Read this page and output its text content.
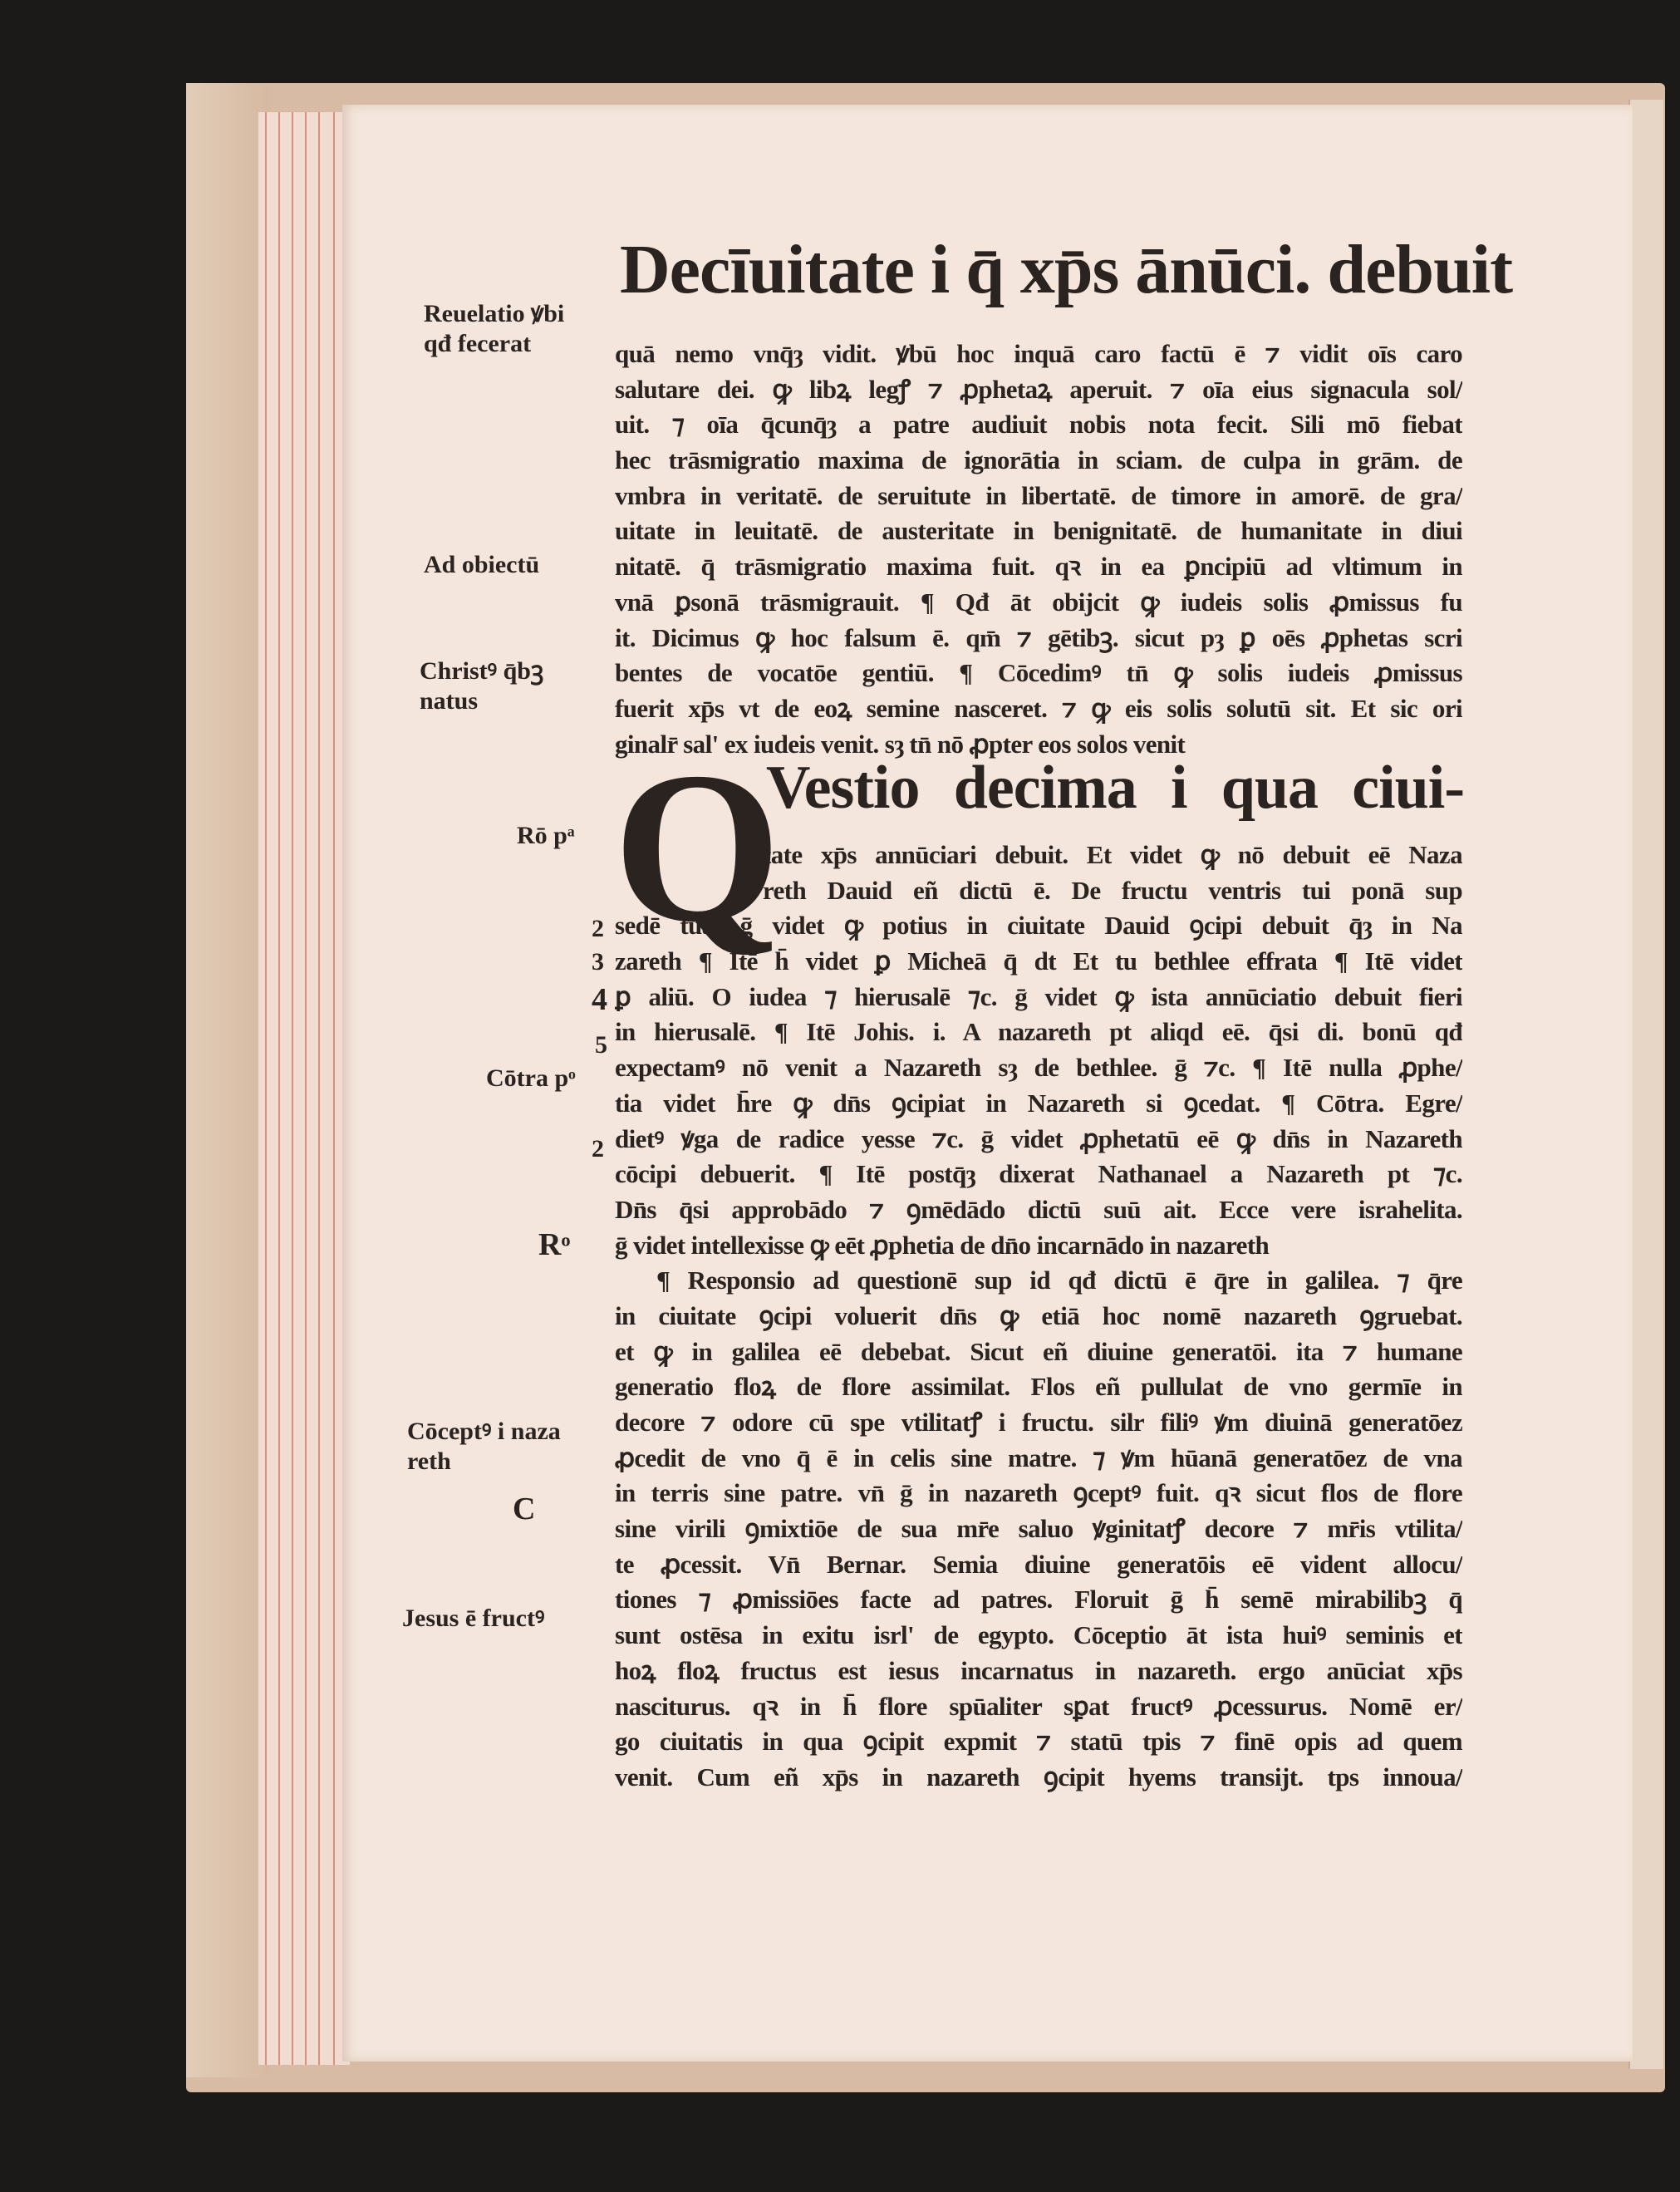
Decīuitate i q̄ xp̄s ānūci. debuit
quā nemo vnq̄ȝ vidit. ꝟbū hoc inquā caro factū ē ⁊ vidit oīs caro
salutare dei. ꝙ libꝝ legꝭ ⁊ ꝓphetaꝝ aperuit. ⁊ oīa eius signacula sol/
uit. ⁊ oīa q̄cunq̄ȝ a patre audiuit nobis nota fecit. Sili mō fiebat
hec trāsmigratio maxima de ignorātia in sciam. de culpa in grām. de
vmbra in veritatē. de seruitute in libertatē. de timore in amorē. de gra/
uitate in leuitatē. de austeritate in benignitatē. de humanitate in diui
nitatē. q̄ trāsmigratio maxima fuit. qꝛ in ea ꝑncipiū ad vltimum in
vnā ꝑsonā trāsmigrauit. ¶ Qđ āt obijcit ꝙ iudeis solis ꝓmissus fu
it. Dicimus ꝙ hoc falsum ē. qm̄ ⁊ gētibꝫ. sicut pȝ ꝑ oēs ꝓphetas scri
bentes de vocatōe gentiū. ¶ Cōcedimꝰ tn̄ ꝙ solis iudeis ꝓmissus
fuerit xp̄s vt de eoꝝ semine nasceret. ⁊ ꝙ eis solis solutū sit. Et sic ori
ginalr̄ sal' ex iudeis venit. sȝ tn̄ nō ꝓpter eos solos venit
Q
Vestio decima i qua ciui-
tate xp̄s annūciari debuit. Et videt ꝙ nō debuit eē Naza
reth Dauid eñ dictū ē. De fructu ventris tui ponā sup
sedē tuā. ḡ videt ꝙ potius in ciuitate Dauid ꝯcipi debuit q̄ȝ in Na
zareth ¶ Itē h̄ videt ꝑ Micheā q̄ dt Et tu bethlee effrata ¶ Itē videt
ꝑ aliū. O iudea ⁊ hierusalē ⁊c. ḡ videt ꝙ ista annūciatio debuit fieri
in hierusalē. ¶ Itē Johis. i. A nazareth pt aliqd eē. q̄si di. bonū qđ
expectamꝰ nō venit a Nazareth sȝ de bethlee. ḡ ⁊c. ¶ Itē nulla ꝓphe/
tia videt h̄re ꝙ dn̄s ꝯcipiat in Nazareth si ꝯcedat. ¶ Cōtra. Egre/
dietꝰ ꝟga de radice yesse ⁊c. ḡ videt ꝓphetatū eē ꝙ dn̄s in Nazareth
cōcipi debuerit. ¶ Itē postq̄ȝ dixerat Nathanael a Nazareth pt ⁊c.
Dn̄s q̄si approbādo ⁊ ꝯmēdādo dictū suū ait. Ecce vere israhelita.
ḡ videt intellexisse ꝙ eēt ꝓphetia de dn̄o incarnādo in nazareth
¶ Responsio ad questionē sup id qđ dictū ē q̄re in galilea. ⁊ q̄re
in ciuitate ꝯcipi voluerit dn̄s ꝙ etiā hoc nomē nazareth ꝯgruebat.
et ꝙ in galilea eē debebat. Sicut eñ diuine generatōi. ita ⁊ humane
generatio floꝝ de flore assimilat. Flos eñ pullulat de vno germīe in
decore ⁊ odore cū spe vtilitatꝭ i fructu. silr filiꝰ ꝟm diuinā generatōez
ꝓcedit de vno q̄ ē in celis sine matre. ⁊ ꝟm hūanā generatōez de vna
in terris sine patre. vn̄ ḡ in nazareth ꝯceptꝰ fuit. qꝛ sicut flos de flore
sine virili ꝯmixtiōe de sua mr̄e saluo ꝟginitatꝭ decore ⁊ mr̄is vtilita/
te ꝓcessit. Vn̄ Bernar. Semia diuine generatōis eē vident allocu/
tiones ⁊ ꝓmissiōes facte ad patres. Floruit ḡ h̄ semē mirabilibꝫ q̄
sunt ostēsa in exitu isrl' de egypto. Cōceptio āt ista huiꝰ seminis et
hoꝝ floꝝ fructus est iesus incarnatus in nazareth. ergo anūciat xp̄s
nasciturus. qꝛ in h̄ flore spūaliter sꝑat fructꝰ ꝓcessurus. Nomē er/
go ciuitatis in qua ꝯcipit expmit ⁊ statū tpis ⁊ finē opis ad quem
venit. Cum eñ xp̄s in nazareth ꝯcipit hyems transijt. tps innoua/
Reuelatio ꝟbi
qđ fecerat
Ad obiectū
Christꝰ q̄bꝫ
natus
Rō pᵃ
2
3
4
5
Cōtra pᵒ
2
Rᵒ
Cōceptꝰ i naza
reth
C
Jesus ē fructꝰ
